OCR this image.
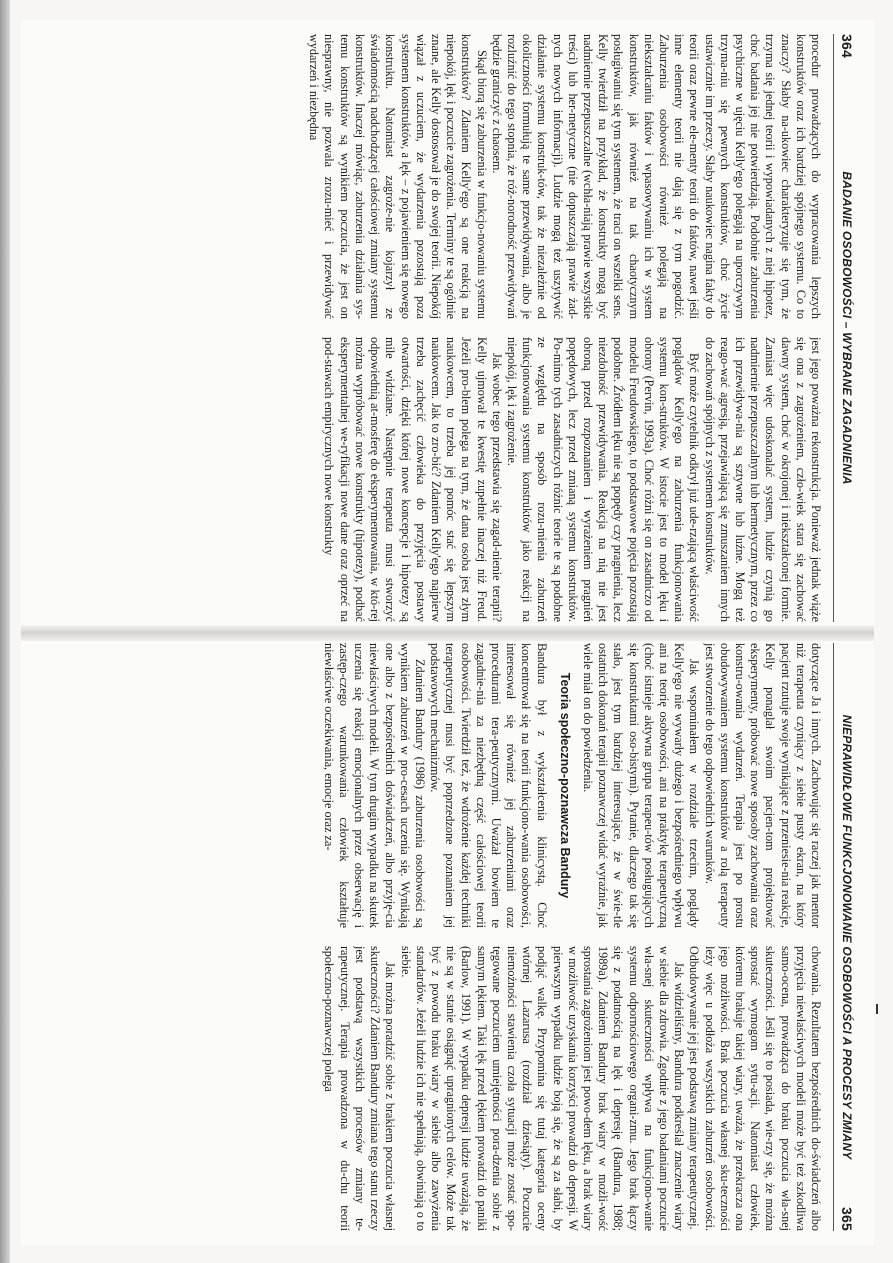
364
BADANIE OSOBOWOŚCI – WYBRANE ZAGADNIENIA

procedur prowadzących do wypracowania lepszych konstruktów oraz ich bardziej spójnego systemu. Co to znaczy? Słaby na-ukowiec charakteryzuje się tym, że trzyma się jednej teorii i wypowiadanych z niej hipotez, choć badania jej nie potwierdzają. Podobnie zaburzenia psychiczne w ujęciu Kelly'ego polegają na uporczywym trzyma-niu się pewnych konstruktów, choć życie ustawicznie im przeczy. Słaby naukowiec nagina fakty do teorii oraz pewne ele-menty teorii do faktów, nawet jeśli inne elementy teorii nie dają się z tym pogodzić. Zaburzenia osobowości również polegają na niekształcaniu faktów i wpasowywaniu ich w system konstruktów, jak również na tak chaotycznym posługiwaniu się tym systemem, że traci on wszelki sens. Kelly twierdził na przykład, że konstrukty mogą być nadmiernie przepuszczalne (wchła-niają prawie wszystkie treści) lub her-metyczne (nie dopuszczają prawie żad-nych nowych informacji). Ludzie mogą też uszytywić działanie systemu konstruk-tów, tak że niezależnie od okoliczności formułują te same przewidywania, albo je rozluźnić do tego stopnia, że róż-norodność przewidywań będzie graniczyć z chaosem.

Skąd biorą się zaburzenia w funkcjo-nowaniu systemu konstruktów? Zdaniem Kelly'ego są one reakcją na niepokój, lęk i poczucie zagrożenia. Terminy te są ogólnie znane, ale Kelly dostosował je do swojej teorii. Niepokój wiązał z uczuciem, że wydarzenia pozostają poza systemem konstruktów, a lęk – z pojawieniem się nowego konstruktu. Natomiast zagroże-nie kojarzył ze świadomością nadchodzącej całościowej zmiany systemu konstruktów. Inaczej mówiąc, zaburzenia działania sys-temu konstruktów są wynikiem poczucia, że jest on niesprawny, nie pozwala zrozu-mieć i przewidywać wydarzeń i niezbędna

jest jego poważna rekonstrukcja. Ponieważ jednak wiąże się ona z zagrożeniem, czło-wiek stara się zachować dawny system, choć w okrojonej i niekształconej formie. Zamiast więc udoskonalać system, ludzie czynią go nadmiernie przepuszczalnym lub hermetycznym, przez co ich przewidywa-nia są sztywne lub luźne. Mogą też reago-wać agresją, przejawiającą się zmuszaniem innych do zachowań spójnych z systemem konstruktów.

Być może czytelnik odkrył już ude-rzającą właściwość poglądów Kelly'ego na zaburzenia funkcjonowania systemu kon-struktów. W istocie jest to model lęku i obrony (Pervin, 1993a). Choć różni się on zasadniczo od modelu Freudowskiego, to podstawowe pojęcia pozostają podobne. Źródłem lęku nie są popędy czy pragnienia, lecz niezdolność przewidywania. Reakcja na nią nie jest obroną przed rozpoznaniem i wyrażeniem pragnień popędowych, lecz przed zmianą systemu konstruktów. Po-mimo tych zasadniczych różnic teorie te są podobne ze względu na sposób rozu-mienia zaburzeń funkcjonowania systemu konstruktów jako reakcji na niepokój, lęk i zagrożenie.

Jak wobec tego przedstawia się zagad-nienie terapii? Kelly ujmował te kwestię zupełnie inaczej niż Freud. Jeżeli pro-blem polega na tym, że dana osoba jest złym naukowcem, to trzeba jej pomóc stać się lepszym naukowcem. Jak to zro-bić? Zdaniem Kelly'ego najpierw trzeba zachęcić człowieka do przyjęcia postawy otwartości, dzięki której nowe koncepcje i hipotezy są mile widziane. Następnie terapeuta musi stworzyć odpowiednią at-mosferę do eksperymentowania, w któ-rej można wypróbować nowe konstrukty (hipotezy), podbać eksperymentalnej we-ryfikacji nowe dane oraz oprzeć na pod-stawach empirycznych nowe konstrukty

NIEPRAWIDŁOWE FUNKCJONOWANIE OSOBOWOŚCI A PROCESY ZMIANY
365

dotyczące Ja i innych. Zachowując się raczej jak mentor niż terapeuta czyniący z siebie pusty ekran, na który pacjent rzutuje swoje wynikające z przeniesie-nia reakcje, Kelly ponaglał swoim pacjen-tom projektować eksperymenty, próbować nowe sposoby zachowania oraz konstru-owania wydarzeń. Terapia jest po prostu obudowywaniem systemu konstruktów a rolą terapeuty jest stworzenie do tego odpowiednich warunków.

Jak wspominałem w rozdziale trzecim, poglądy Kelly'ego nie wywarły dużego i bezpośredniego wpływu ani na teorię osobowości, ani na praktykę terapeutyczną (choć istnieje aktywna grupa terapeu-tów posługujących się konstruktami oso-bistymi). Pytanie, dlaczego tak się stało, jest tym bardziej interesujące, że w świe-tle ostatnich dokonań terapii poznawczej widać wyraźnie, jak wiele miał on do powiedzenia.

Teoria społeczno-poznawcza Bandury

Bandura był z wykształcenia klinicystą. Choć koncentrował się na teorii funkcjono-wania osobowości, interesował się również jej zaburzeniami oraz procedurami tera-peutycznymi. Uważał bowiem te zagadnie-nia za niezbędną część całościowej teorii osobowości. Twierdził też, że wdrożenie każdej techniki terapeutycznej musi być poprzedzone poznaniem jej podstawowych mechanizmów.

Zdaniem Bandury (1986) zaburzenia osobowości są wynikiem zaburzeń w pro-cesach uczenia się. Wynikają one albo z bezpośrednich doświadczeń, albo przyję-cia niewłaściwych modeli. W tym drugim wypadku na skutek uczenia się reakcji emocjonalnych przez obserwację i zastęp-czego warunkowania człowiek kształtuje niewłaściwe oczekiwania, emocje oraz za-

chowania. Rezultatem bezpośrednich do-świadczeń albo przyjęcia niewłaściwych modeli może być też szkodliwa samo-ocena, prowadząca do braku poczucia wła-snej skuteczności. Jeśli się to posiada, wie-rzy się, że można sprostać wymogom sytu-acji. Natomiast człowiek, któremu brakuje takiej wiary, uważa, że przekracza ona jego możliwości. Brak poczucia własnej sku-teczności leży więc u podłoża wszystkich zaburzeń osobowości. Odbudowywanie jej jest podstawą zmiany terapeutycznej.

Jak widzieliśmy, Bandura podkreślał znaczenie wiary w siebie dla zdrowia. Zgodnie z jego badaniami poczucie wła-snej skuteczności wpływa na funkcjono-wanie systemu odpornościowego organi-zmu. Jego brak łączy się z podatnością na lęk i depresję (Bandura, 1988; 1989a). Zdaniem Bandury brak wiary w możli-wość sprostania zagrożeniom jest powo-dem lęku, a brak wiary w możliwość uzyskania korzyści prowadzi do depresji. W pierwszym wypadku ludzie boją się, że są za słabi, by podjąć walkę. Przypomina się tutaj kategoria oceny wtórnej Lazarusa (rozdział dziesiąty). Poczucie niemożności stawienia czoła sytuacji może zostać spo-tęgowane poczuciem umiejętności pora-dzenia sobie z samym lękiem. Taki lęk przed lękiem prowadzi do paniki (Barlow, 1991). W wypadku depresji ludzie uważają, że nie są w stanie osiągnąć upragnionych celów. Może tak być z powodu braku wiary w siebie albo zawyżenia standardów. Jeżeli ludzie ich nie spełniają, obwiniają o to siebie.

Jak można poradzić sobie z brakiem poczucia własnej skuteczności? Zdaniem Bandury zmiana tego stanu rzeczy jest podstawą wszystkich procesów zmiany te-rapeutycznej. Terapia prowadzona w du-chu teorii społeczno-poznawczej polega
